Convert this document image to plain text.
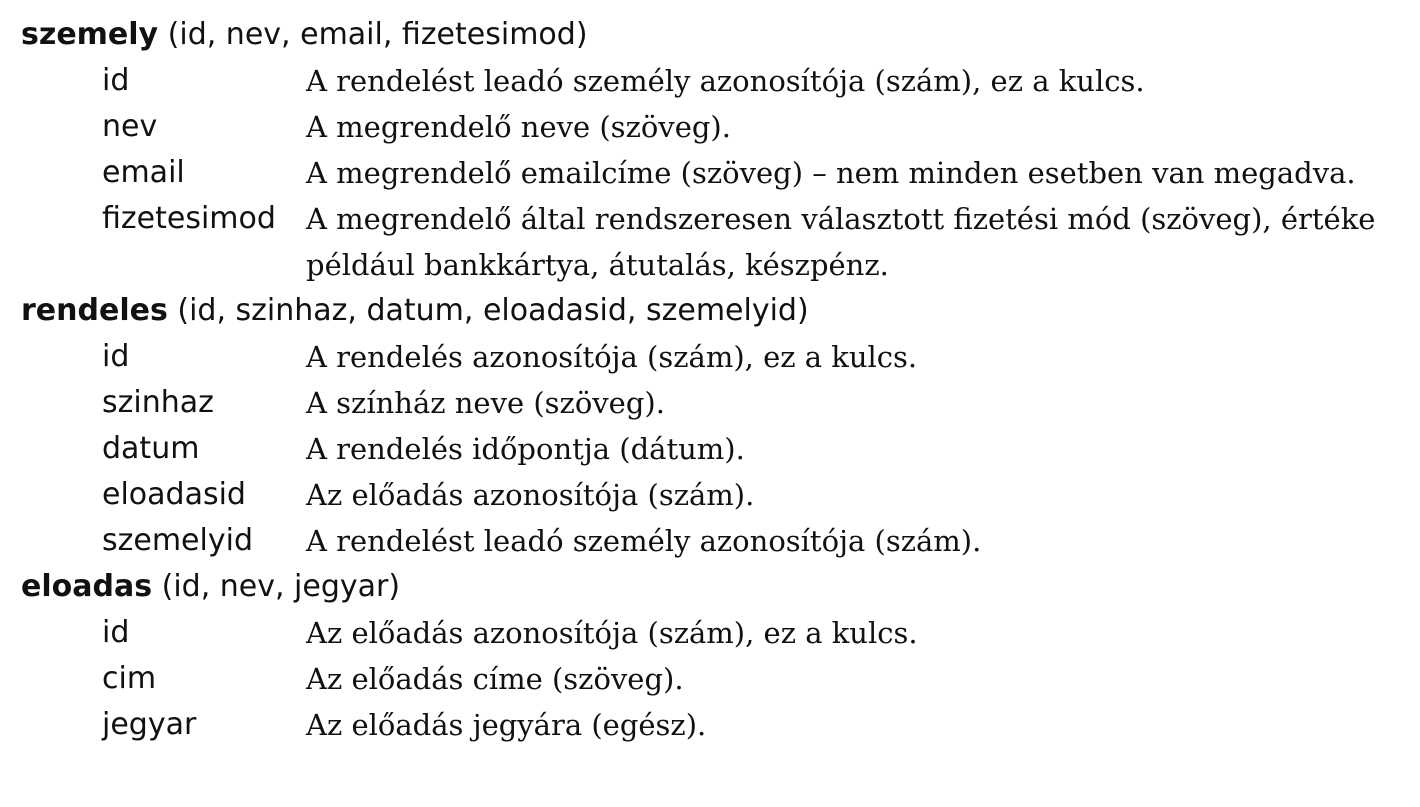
szemely (id, nev, email, fizetesimod)
id	A rendelést leadó személy azonosítója (szám), ez a kulcs.
nev	A megrendelő neve (szöveg).
email	A megrendelő emailcíme (szöveg) – nem minden esetben van megadva.
fizetesimod	A megrendelő által rendszeresen választott fizetési mód (szöveg), értéke például bankkártya, átutalás, készpénz.
rendeles (id, szinhaz, datum, eloadasid, szemelyid)
id	A rendelés azonosítója (szám), ez a kulcs.
szinhaz	A színház neve (szöveg).
datum	A rendelés időpontja (dátum).
eloadasid	Az előadás azonosítója (szám).
szemelyid	A rendelést leadó személy azonosítója (szám).
eloadas (id, nev, jegyar)
id	Az előadás azonosítója (szám), ez a kulcs.
cim	Az előadás címe (szöveg).
jegyar	Az előadás jegyára (egész).
